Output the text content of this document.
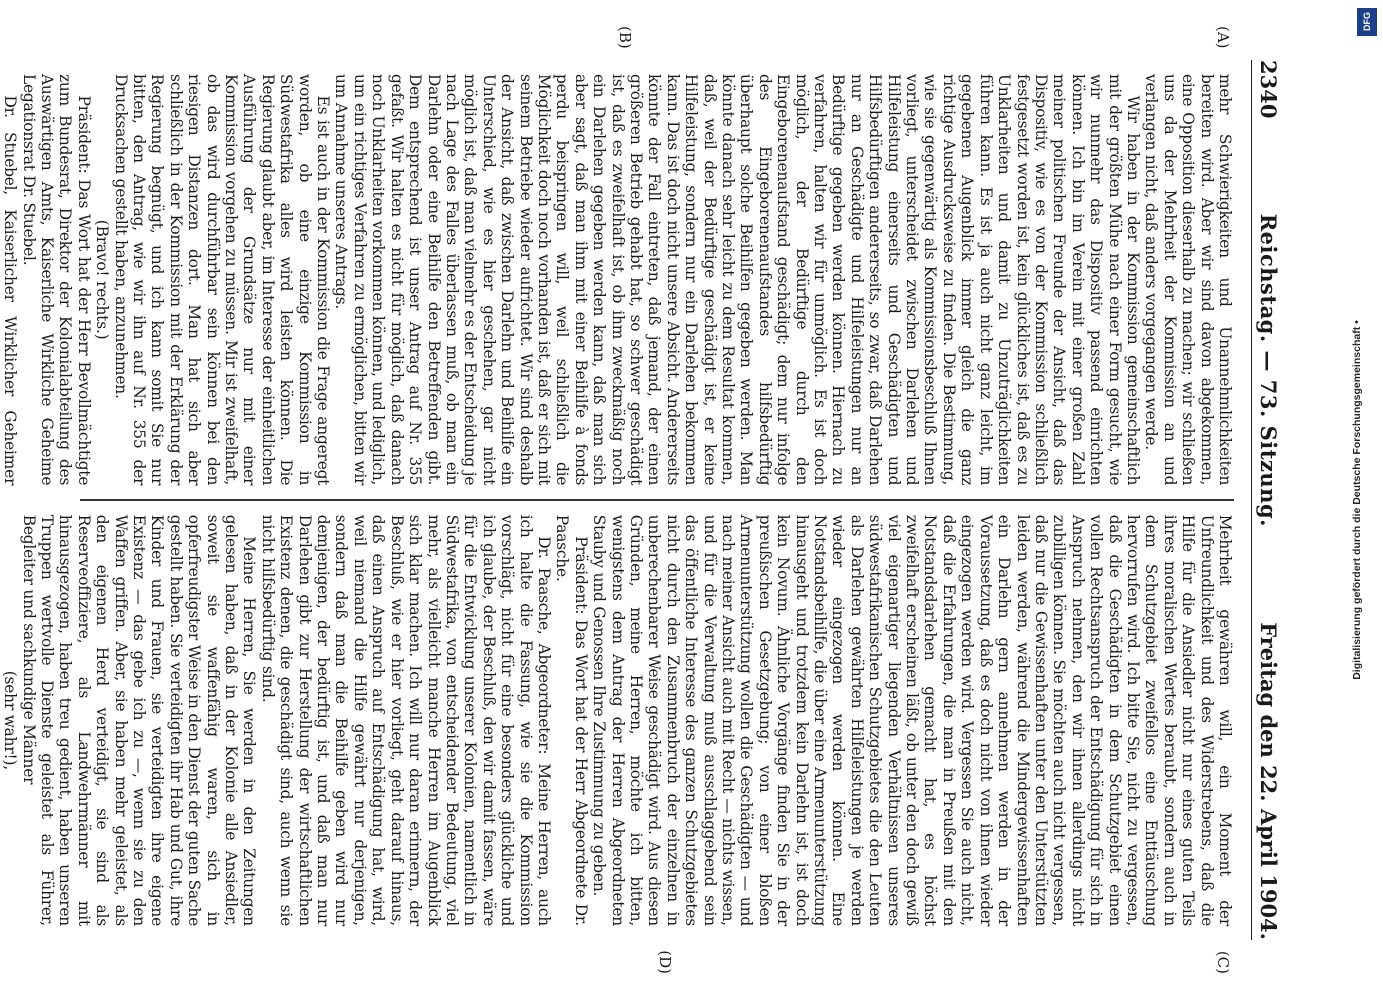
2340
Reichstag. — 73. Sitzung.
Freitag den 22. April 1904.
(A)
(B)

mehr Schwierigkeiten und Unannehmlichkeiten bereiten wird. Aber wir sind davon abgekommen, eine Opposition dieserhalb zu machen; wir schließen uns da der Mehrheit der Kommission an und verlangen nicht, daß anders vorgegangen werde.

Wir haben in der Kommission gemeinschaftlich mit der größten Mühe nach einer Form gesucht, wie wir nunmehr das Dispositiv passend einrichten können. Ich bin im Verein mit einer großen Zahl meiner politischen Freunde der Ansicht, daß das Dispositiv, wie es von der Kommission schließlich festgesetzt worden ist, kein glückliches ist, daß es zu Unklarheiten und damit zu Unzuträglichkeiten führen kann. Es ist ja auch nicht ganz leicht, im gegebenen Augenblick immer gleich die ganz richtige Ausdrucksweise zu finden. Die Bestimmung, wie sie gegenwärtig als Kommissionsbeschluß Ihnen vorliegt, unterscheidet zwischen Darlehen und Hilfeleistung einerseits und Geschädigten und Hilfsbedürftigen andererseits, so zwar, daß Darlehen nur an Geschädigte und Hilfeleistungen nur an Bedürftige gegeben werden können. Hiernach zu verfahren, halten wir für unmöglich. Es ist doch möglich, der Bedürftige durch den Eingeborenenaufstand geschädigt; dem nur infolge des Eingeborenenaufstandes hilfsbedürftig überhaupt solche Beihilfen gegeben werden. Man könnte danach sehr leicht zu dem Resultat kommen, daß, weil der Bedürftige geschädigt ist, er keine Hilfeleistung, sondern nur ein Darlehen bekommen kann. Das ist doch nicht unsere Absicht. Andererseits könnte der Fall eintreten, daß jemand, der einen größeren Betrieb gehabt hat, so schwer geschädigt ist, daß es zweifelhaft ist, ob ihm zweckmäßig noch ein Darlehen gegeben werden kann, daß man sich aber sagt, daß man ihm mit einer Beihilfe à fonds perdu beispringen will, weil schließlich die Möglichkeit doch noch vorhanden ist, daß er sich mit seinem Betriebe wieder aufrichtet. Wir sind deshalb der Ansicht, daß zwischen Darlehn und Beihilfe ein Unterschied, wie es hier geschehen, gar nicht möglich ist, daß man vielmehr es der Entscheidung je nach Lage des Falles überlassen muß, ob man ein Darlehn oder eine Beihilfe den Betreffenden gibt. Dem entsprechend ist unser Antrag auf Nr. 355 gefaßt. Wir halten es nicht für möglich, daß danach noch Unklarheiten vorkommen können, und lediglich, um ein richtiges Verfahren zu ermöglichen, bitten wir um Annahme unseres Antrags.

Es ist auch in der Kommission die Frage angeregt worden, ob eine einzige Kommission in Südwestafrika alles wird leisten können. Die Regierung glaubt aber, im Interesse der einheitlichen Ausführung der Grundsätze nur mit einer Kommission vorgehen zu müssen. Mir ist zweifelhaft, ob das wird durchführbar sein können bei den riesigen Distanzen dort. Man hat sich aber schließlich in der Kommission mit der Erklärung der Regierung begnügt, und ich kann somit Sie nur bitten, den Antrag, wie wir ihn auf Nr. 355 der Drucksachen gestellt haben, anzunehmen.

(Bravo! rechts.)

Präsident: Das Wort hat der Herr Bevollmächtigte zum Bundesrat, Direktor der Kolonialabteilung des Auswärtigen Amts, Kaiserliche Wirkliche Geheime Legationsrat Dr. Stuebel.

Dr. Stuebel, Kaiserlicher Wirklicher Geheimer

(C)
(D)

Mehrheit gewähren will, ein Moment der Unfreundlichkeit und des Widerstrebens, daß die Hilfe für die Ansiedler nicht nur eines guten Teils ihres moralischen Wertes beraubt, sondern auch in dem Schutzgebiet zweifellos eine Enttäuschung hervorrufen wird. Ich bitte Sie, nicht zu vergessen, daß die Geschädigten in dem Schutzgebiet einen vollen Rechtsanspruch der Entschädigung für sich in Anspruch nehmen, den wir ihnen allerdings nicht zubilligen können. Sie möchten auch nicht vergessen, daß nur die Gewissenhaften unter den Unterstützten leiden werden, während die Mindergewissenhaften ein Darlehn gern annehmen werden in der Voraussetzung, daß es doch nicht von ihnen wieder eingezogen werden wird. Vergessen Sie auch nicht, daß die Erfahrungen, die man in Preußen mit den Notstandsdarlehen gemacht hat, es höchst zweifelhaft erscheinen läßt, ob unter den doch gewiß viel eigenartiger liegenden Verhältnissen unseres südwestafrikanischen Schutzgebietes die den Leuten als Darlehen gewährten Hilfeleistungen je werden wieder eingezogen werden können. Eine Notstandsbeihilfe, die über eine Armenunterstützung hinausgeht und trotzdem kein Darlehn ist, ist doch kein Novum. Ähnliche Vorgänge finden Sie in der preußischen Gesetzgebung; von einer bloßen Armenunterstützung wollen die Geschädigten — und nach meiner Ansicht auch mit Recht — nichts wissen, und für die Verwaltung muß ausschlaggebend sein das öffentliche Interesse des ganzen Schutzgebietes nicht durch den Zusammenbruch der einzelnen in unberechenbarer Weise geschädigt wird. Aus diesen Gründen, meine Herren, möchte ich bitten, wenigstens dem Antrag der Herren Abgeordneten Stauby und Genossen Ihre Zustimmung zu geben.

Präsident: Das Wort hat der Herr Abgeordnete Dr. Paasche.

Dr. Paasche, Abgeordneter: Meine Herren, auch ich halte die Fassung, wie sie die Kommission vorschlägt, nicht für eine besonders glückliche und ich glaube, der Beschluß, den wir damit fassen, wäre für die Entwicklung unserer Kolonien, namentlich in Südwestafrika, von entscheidender Bedeutung, viel mehr, als vielleicht manche Herren im Augenblick sich klar machen. Ich will nur daran erinnern, der Beschluß, wie er hier vorliegt, geht darauf hinaus, daß einen Anspruch auf Entschädigung hat, wird, weil niemand die Hilfe gewährt nur derjenigen, sondern daß man die Beihilfe geben wird nur demjenigen, der bedürftig ist, und daß man nur Darlehen gibt zur Herstellung der wirtschaftlichen Existenz denen, die geschädigt sind, auch wenn sie nicht hilfsbedürftig sind.

Meine Herren, Sie werden in den Zeitungen gelesen haben, daß in der Kolonie alle Ansiedler, soweit sie waffenfähig waren, sich in opferfreudigster Weise in den Dienst der guten Sache gestellt haben. Sie verteidigten ihr Hab und Gut, ihre Kinder und Frauen, sie verteidigten ihre eigene Existenz — das gebe ich zu —, wenn sie zu den Waffen griffen. Aber, sie haben mehr geleistet, als den eigenen Herd verteidigt, sie sind als Reserveoffiziere, als Landwehrmänner mit hinausgezogen, haben treu gedient, haben unseren Truppen wertvolle Dienste geleistet als Führer, Begleiter und sachkundige Männer

(sehr wahr!),

Digitalisierung gefördert durch die Deutsche Forschungsgemeinschaft •
DFG
